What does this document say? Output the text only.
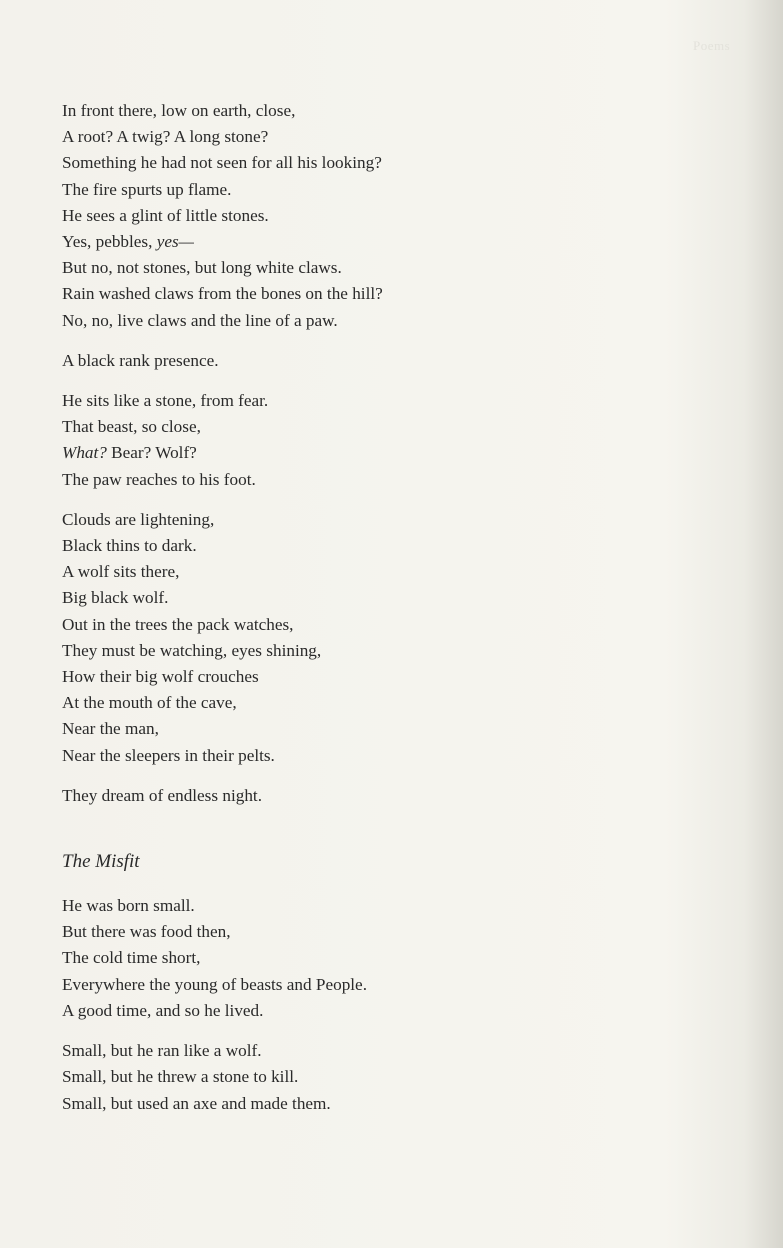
Poems
In front there, low on earth, close,
A root? A twig? A long stone?
Something he had not seen for all his looking?
The fire spurts up flame.
He sees a glint of little stones.
Yes, pebbles, yes—
But no, not stones, but long white claws.
Rain washed claws from the bones on the hill?
No, no, live claws and the line of a paw.
A black rank presence.
He sits like a stone, from fear.
That beast, so close,
What? Bear? Wolf?
The paw reaches to his foot.
Clouds are lightening,
Black thins to dark.
A wolf sits there,
Big black wolf.
Out in the trees the pack watches,
They must be watching, eyes shining,
How their big wolf crouches
At the mouth of the cave,
Near the man,
Near the sleepers in their pelts.
They dream of endless night.
The Misfit
He was born small.
But there was food then,
The cold time short,
Everywhere the young of beasts and People.
A good time, and so he lived.
Small, but he ran like a wolf.
Small, but he threw a stone to kill.
Small, but used an axe and made them.
